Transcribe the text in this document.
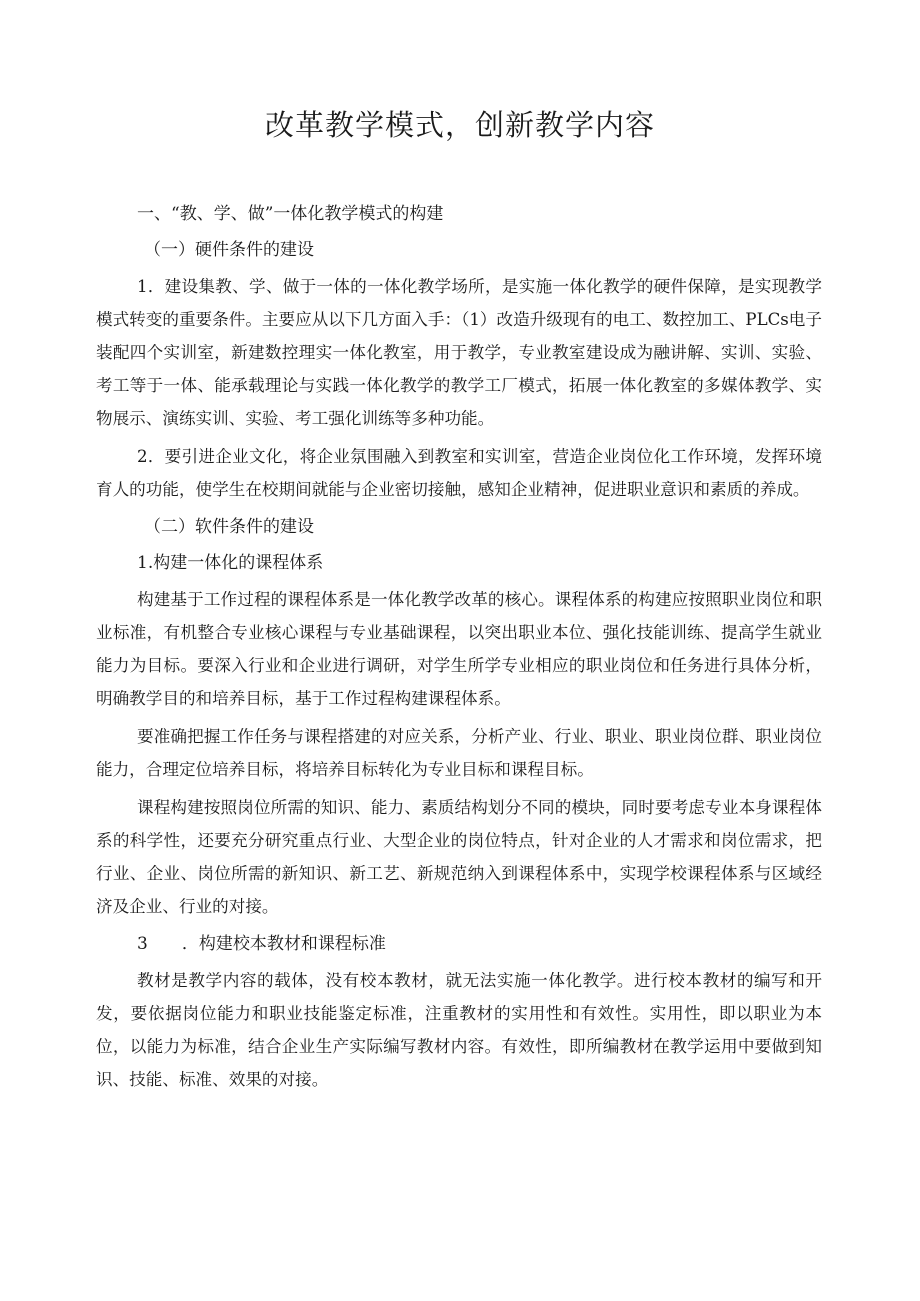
改革教学模式，创新教学内容
一、“教、学、做”一体化教学模式的构建
（一）硬件条件的建设
1．建设集教、学、做于一体的一体化教学场所，是实施一体化教学的硬件保障，是实现教学模式转变的重要条件。主要应从以下几方面入手：（1）改造升级现有的电工、数控加工、PLCs电子装配四个实训室，新建数控理实一体化教室，用于教学，专业教室建设成为融讲解、实训、实验、考工等于一体、能承载理论与实践一体化教学的教学工厂模式，拓展一体化教室的多媒体教学、实物展示、演练实训、实验、考工强化训练等多种功能。
2．要引进企业文化，将企业氛围融入到教室和实训室，营造企业岗位化工作环境，发挥环境育人的功能，使学生在校期间就能与企业密切接触，感知企业精神，促进职业意识和素质的养成。
（二）软件条件的建设
1.构建一体化的课程体系
构建基于工作过程的课程体系是一体化教学改革的核心。课程体系的构建应按照职业岗位和职业标准，有机整合专业核心课程与专业基础课程，以突出职业本位、强化技能训练、提高学生就业能力为目标。要深入行业和企业进行调研，对学生所学专业相应的职业岗位和任务进行具体分析，明确教学目的和培养目标，基于工作过程构建课程体系。
要准确把握工作任务与课程搭建的对应关系，分析产业、行业、职业、职业岗位群、职业岗位能力，合理定位培养目标，将培养目标转化为专业目标和课程目标。
课程构建按照岗位所需的知识、能力、素质结构划分不同的模块，同时要考虑专业本身课程体系的科学性，还要充分研究重点行业、大型企业的岗位特点，针对企业的人才需求和岗位需求，把行业、企业、岗位所需的新知识、新工艺、新规范纳入到课程体系中，实现学校课程体系与区域经济及企业、行业的对接。
3　　．构建校本教材和课程标准
教材是教学内容的载体，没有校本教材，就无法实施一体化教学。进行校本教材的编写和开发，要依据岗位能力和职业技能鉴定标准，注重教材的实用性和有效性。实用性，即以职业为本位，以能力为标准，结合企业生产实际编写教材内容。有效性，即所编教材在教学运用中要做到知识、技能、标准、效果的对接。
